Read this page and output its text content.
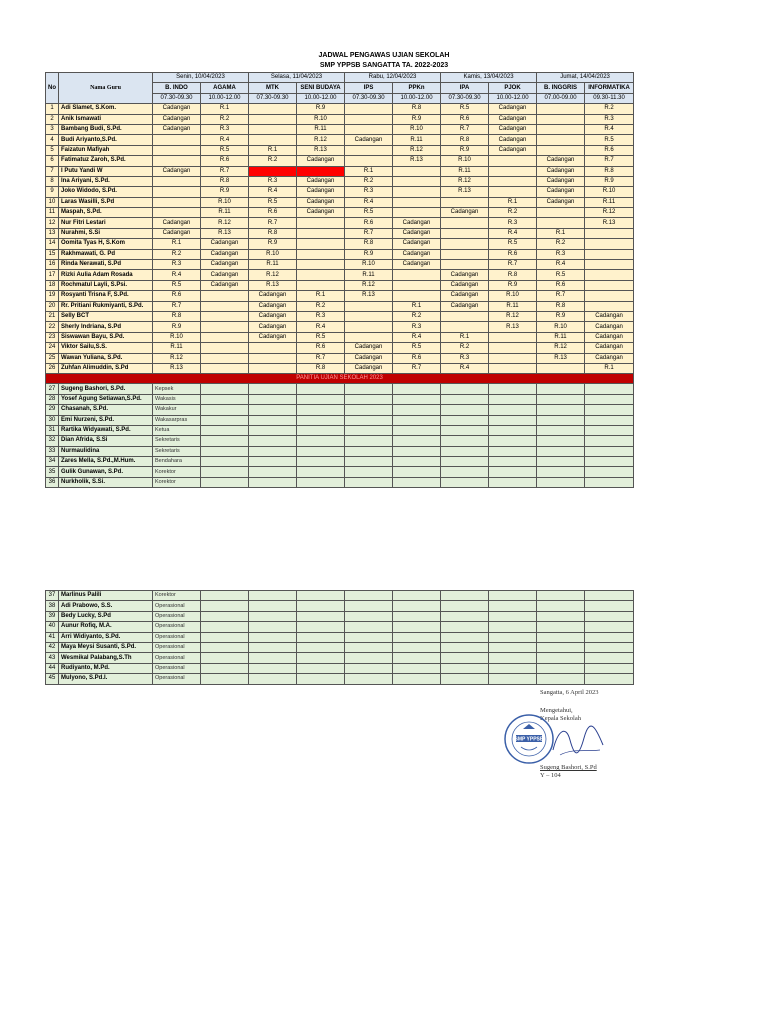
JADWAL PENGAWAS UJIAN SEKOLAH
SMP YPPSB SANGATTA TA. 2022-2023
No	Nama Guru	Senin, 10/04/2023		Selasa, 11/04/2023		Rabu, 12/04/2023		Kamis, 13/04/2023		Jumat, 14/04/2023	
		B. INDO	AGAMA	MTK	SENI BUDAYA	IPS	PPKn	IPA	PJOK	B. INGGRIS	INFORMATIKA
		07.30-09.30	10.00-12.00	07.30-09.30	10.00-12.00	07.30-09.30	10.00-12.00	07.30-09.30	10.00-12.00	07.00-09.00	09.30-11.30
1	Adi Slamet, S.Kom.	Cadangan	R.1		R.9		R.8	R.5	Cadangan		R.2
2	Anik Ismawati	Cadangan	R.2		R.10		R.9	R.6	Cadangan		R.3
3	Bambang Budi, S.Pd.	Cadangan	R.3		R.11		R.10	R.7	Cadangan		R.4
4	Budi Ariyanto,S.Pd.		R.4		R.12	Cadangan	R.11	R.8	Cadangan		R.5
5	Faizatun Mafiyah		R.5	R.1	R.13		R.12	R.9	Cadangan		R.6
6	Fatimatuz Zaroh, S.Pd.		R.6	R.2	Cadangan		R.13	R.10		Cadangan	R.7
7	I Putu Yandi W	Cadangan	R.7			R.1		R.11		Cadangan	R.8
8	Ina Ariyani, S.Pd.		R.8	R.3	Cadangan	R.2		R.12		Cadangan	R.9
9	Joko Widodo, S.Pd.		R.9	R.4	Cadangan	R.3		R.13		Cadangan	R.10
10	Laras Wasilli, S.Pd		R.10	R.5	Cadangan	R.4			R.1	Cadangan	R.11
11	Maspah, S.Pd.		R.11	R.6	Cadangan	R.5		Cadangan	R.2		R.12
12	Nur Fitri Lestari	Cadangan	R.12	R.7		R.6	Cadangan		R.3		R.13
13	Nurahmi, S.Si	Cadangan	R.13	R.8		R.7	Cadangan		R.4	R.1	
14	Oomita Tyas H, S.Kom	R.1	Cadangan	R.9		R.8	Cadangan		R.5	R.2	
15	Rakhmawati, G. Pd	R.2	Cadangan	R.10		R.9	Cadangan		R.6	R.3	
16	Rinda Nerawati, S.Pd	R.3	Cadangan	R.11		R.10	Cadangan		R.7	R.4	
17	Rizki Aulia Adam Rosada	R.4	Cadangan	R.12		R.11		Cadangan	R.8	R.5	
18	Rochmatul Layli, S.Psi.	R.5	Cadangan	R.13		R.12		Cadangan	R.9	R.6	
19	Rosyanti Trisna F, S.Pd.	R.6		Cadangan	R.1	R.13		Cadangan	R.10	R.7	
20	Rr. Pritiani Rukmiyanti, S.Pd.	R.7		Cadangan	R.2		R.1	Cadangan	R.11	R.8	
21	Selly BCT	R.8		Cadangan	R.3		R.2		R.12	R.9	Cadangan
22	Sherly Indriana, S.Pd	R.9		Cadangan	R.4		R.3		R.13	R.10	Cadangan
23	Siswawan Bayu, S.Pd.	R.10		Cadangan	R.5		R.4	R.1		R.11	Cadangan
24	Viktor Sailu,S.S.	R.11			R.6	Cadangan	R.5	R.2		R.12	Cadangan
25	Wawan Yuliana, S.Pd.	R.12			R.7	Cadangan	R.6	R.3		R.13	Cadangan
26	Zuhfan Alimuddin, S.Pd	R.13			R.8	Cadangan	R.7	R.4			R.1
PANITIA UJIAN SEKOLAH 2023											
27	Sugeng Bashori, S.Pd.	Kepsek									
28	Yosef Agung Setiawan,S.Pd.	Wakasis									
29	Chasanah, S.Pd.	Wakakur									
30	Emi Nurzeni, S.Pd.	Wakasarpras									
31	Rartika Widyawati, S.Pd.	Ketua									
32	Dian Afrida, S.Si	Sekretaris									
33	Nurmaulidina	Sekretaris									
34	Zares Mella, S.Pd.,M.Hum.	Bendahara									
35	Gulik Gunawan, S.Pd.	Korektor									
36	Nurkholik, S.Si.	Korektor									
37	Marlinus Palili	Korektor									
38	Adi Prabowo, S.S.	Operasional									
39	Bedy Lucky, S.Pd	Operasional									
40	Aunur Rofiq, M.A.	Operasional									
41	Arri Widiyanto, S.Pd.	Operasional									
42	Maya Meysi Susanti, S.Pd.	Operasional									
43	Wesmikal Palabang,S.Th	Operasional									
44	Rudiyanto, M.Pd.	Operasional									
45	Mulyono, S.Pd.I.	Operasional									
Sangatta, 6 April 2023
Mengetahui,
Kepala Sekolah
SMP YPPSB
Sugeng Bashori, S.Pd
Y – 104
